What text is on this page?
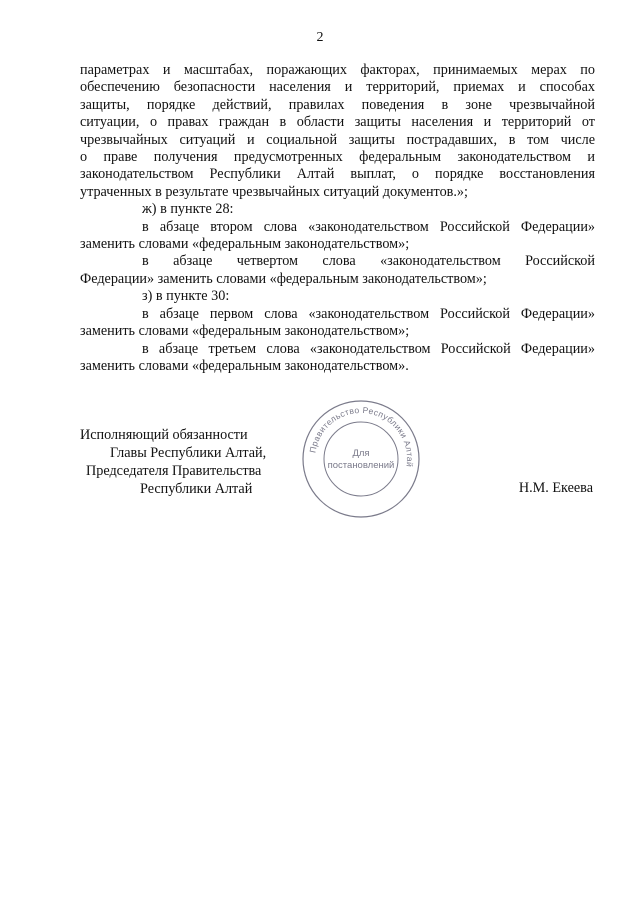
2
параметрах и масштабах, поражающих факторах, принимаемых мерах по
обеспечению безопасности населения и территорий, приемах и способах
защиты, порядке действий, правилах поведения в зоне чрезвычайной
ситуации, о правах граждан в области защиты населения и территорий от
чрезвычайных ситуаций и социальной защиты пострадавших, в том числе
о праве получения предусмотренных федеральным законодательством и
законодательством Республики Алтай выплат, о порядке восстановления
утраченных в результате чрезвычайных ситуаций документов.»;

ж) в пункте 28:

в абзаце втором слова «законодательством Российской Федерации» заменить словами «федеральным законодательством»;

в абзаце четвертом слова «законодательством Российской
Федерации» заменить словами «федеральным законодательством»;

з) в пункте 30:

в абзаце первом слова «законодательством Российской Федерации» заменить словами «федеральным законодательством»;

в абзаце третьем слова «законодательством Российской Федерации» заменить словами «федеральным законодательством».

Исполняющий обязанности
Главы Республики Алтай,
Председателя Правительства
Республики Алтай
Правительство Республики Алтай
Для
постановлений
Н.М. Екеева
